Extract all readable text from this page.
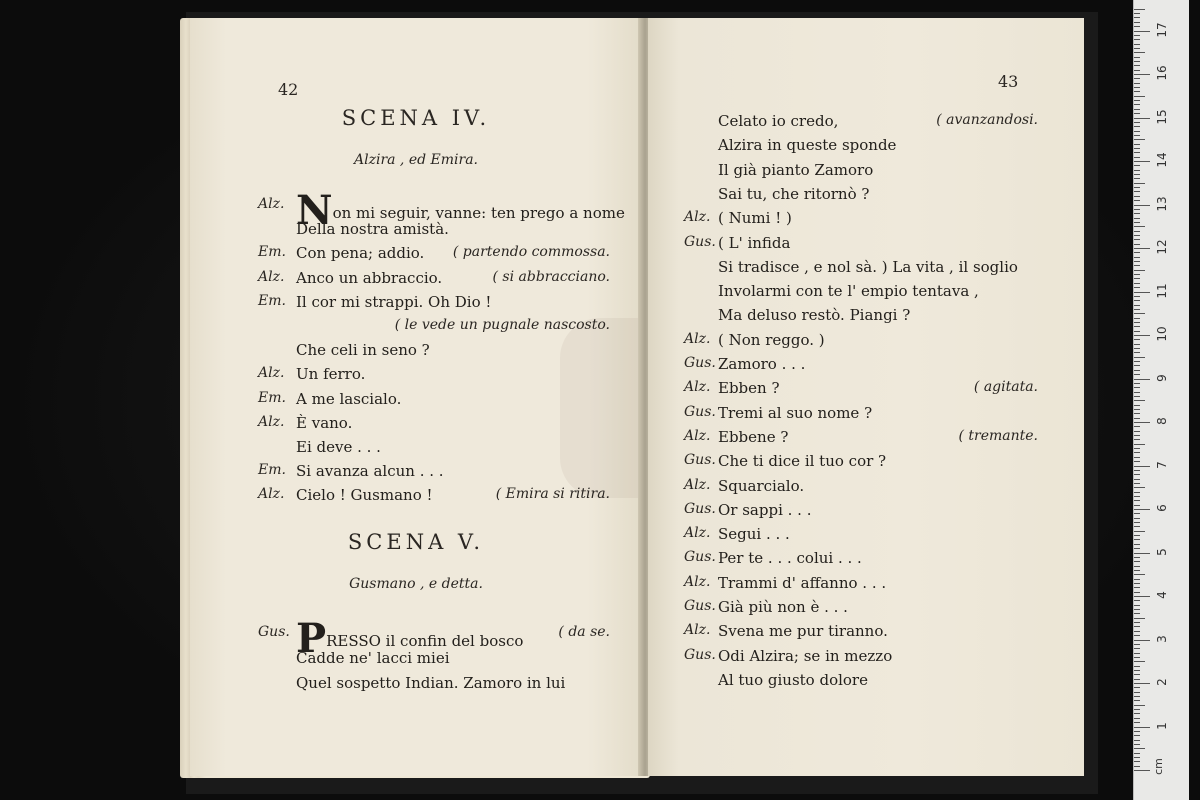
42
SCENA IV.
Alzira , ed Emira.
Alz. Non mi seguir, vanne: ten prego a nome
Della nostra amistà.
Em. Con pena; addio. ( partendo commossa.
Alz. Anco un abbraccio.	( si abbracciano.
Em. Il cor mi strappi. Oh Dio !
( le vede un pugnale nascosto.
Che celi in seno ?
Alz. Un ferro.
Em. A me lascialo.
Alz. È vano.
Ei deve . . .
Em. Si avanza alcun . . .
Alz. Cielo ! Gusmano !	( Emira si ritira.
SCENA V.
Gusmano , e detta.
Gus. PRESSO il confin del bosco	( da se.
Cadde ne' lacci miei
Quel sospetto Indian. Zamoro in lui
43
Celato io credo,	( avanzandosi.
Alzira in queste sponde
Il già pianto Zamoro
Sai tu, che ritornò ?
Alz. ( Numi ! )
Gus. ( L' infida
Si tradisce , e nol sà. ) La vita , il soglio
Involarmi con te l' empio tentava ,
Ma deluso restò. Piangi ?
Alz. ( Non reggo. )
Gus. Zamoro . . .
Alz. Ebben ?	( agitata.
Gus. Tremi al suo nome ?
Alz. Ebbene ?	( tremante.
Gus. Che ti dice il tuo cor ?
Alz. Squarcialo.
Gus. Or sappi . . .
Alz. Segui . . .
Gus. Per te . . . colui . . .
Alz. Trammi d' affanno . . .
Gus. Già più non è . . .
Alz. Svena me pur tiranno.
Gus. Odi Alzira; se in mezzo
Al tuo giusto dolore
cm
1
2
3
4
5
6
7
8
9
10
11
12
13
14
15
16
17
